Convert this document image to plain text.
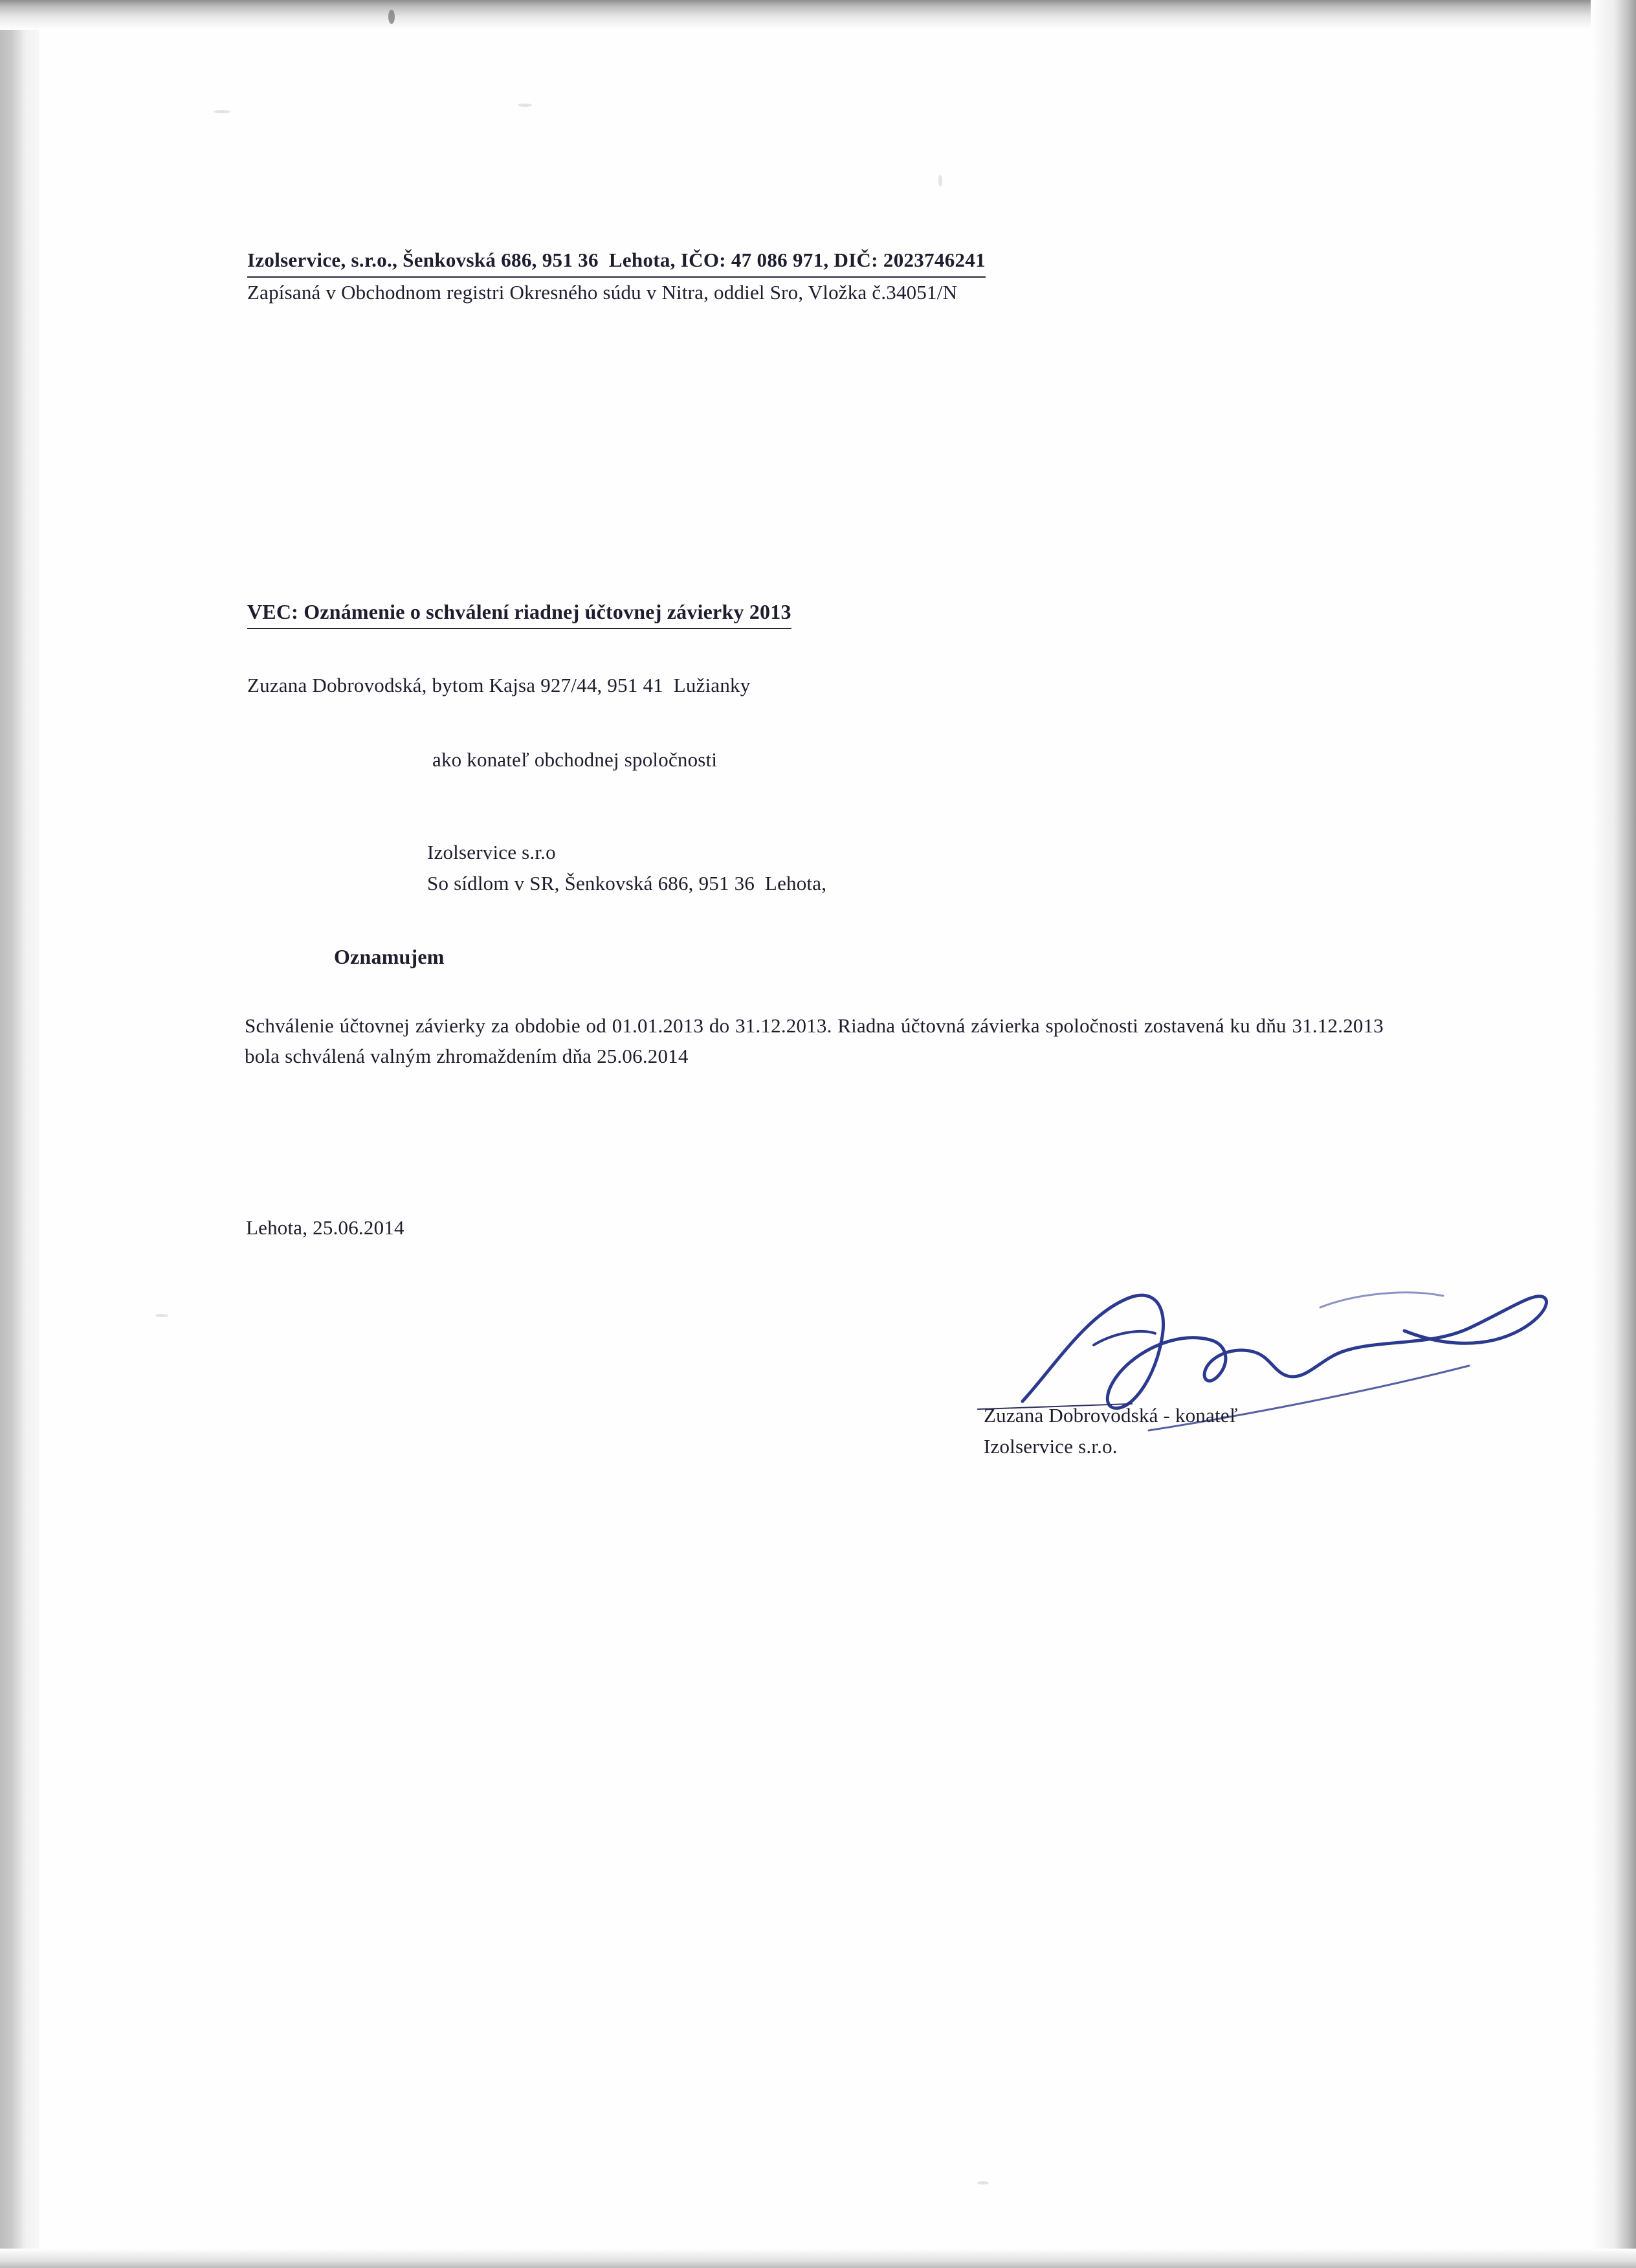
Izolservice, s.r.o., Šenkovská 686, 951 36  Lehota, IČO: 47 086 971, DIČ: 2023746241
Zapísaná v Obchodnom registri Okresného súdu v Nitra, oddiel Sro, Vložka č.34051/N
VEC: Oznámenie o schválení riadnej účtovnej závierky 2013
Zuzana Dobrovodská, bytom Kajsa 927/44, 951 41  Lužianky
ako konateľ obchodnej spoločnosti
Izolservice s.r.o
So sídlom v SR, Šenkovská 686, 951 36  Lehota,
Oznamujem
Schválenie účtovnej závierky za obdobie od 01.01.2013 do 31.12.2013. Riadna účtovná závierka spoločnosti zostavená ku dňu 31.12.2013 bola schválená valným zhromaždením dňa 25.06.2014
Lehota, 25.06.2014
Zuzana Dobrovodská - konateľ
Izolservice s.r.o.
